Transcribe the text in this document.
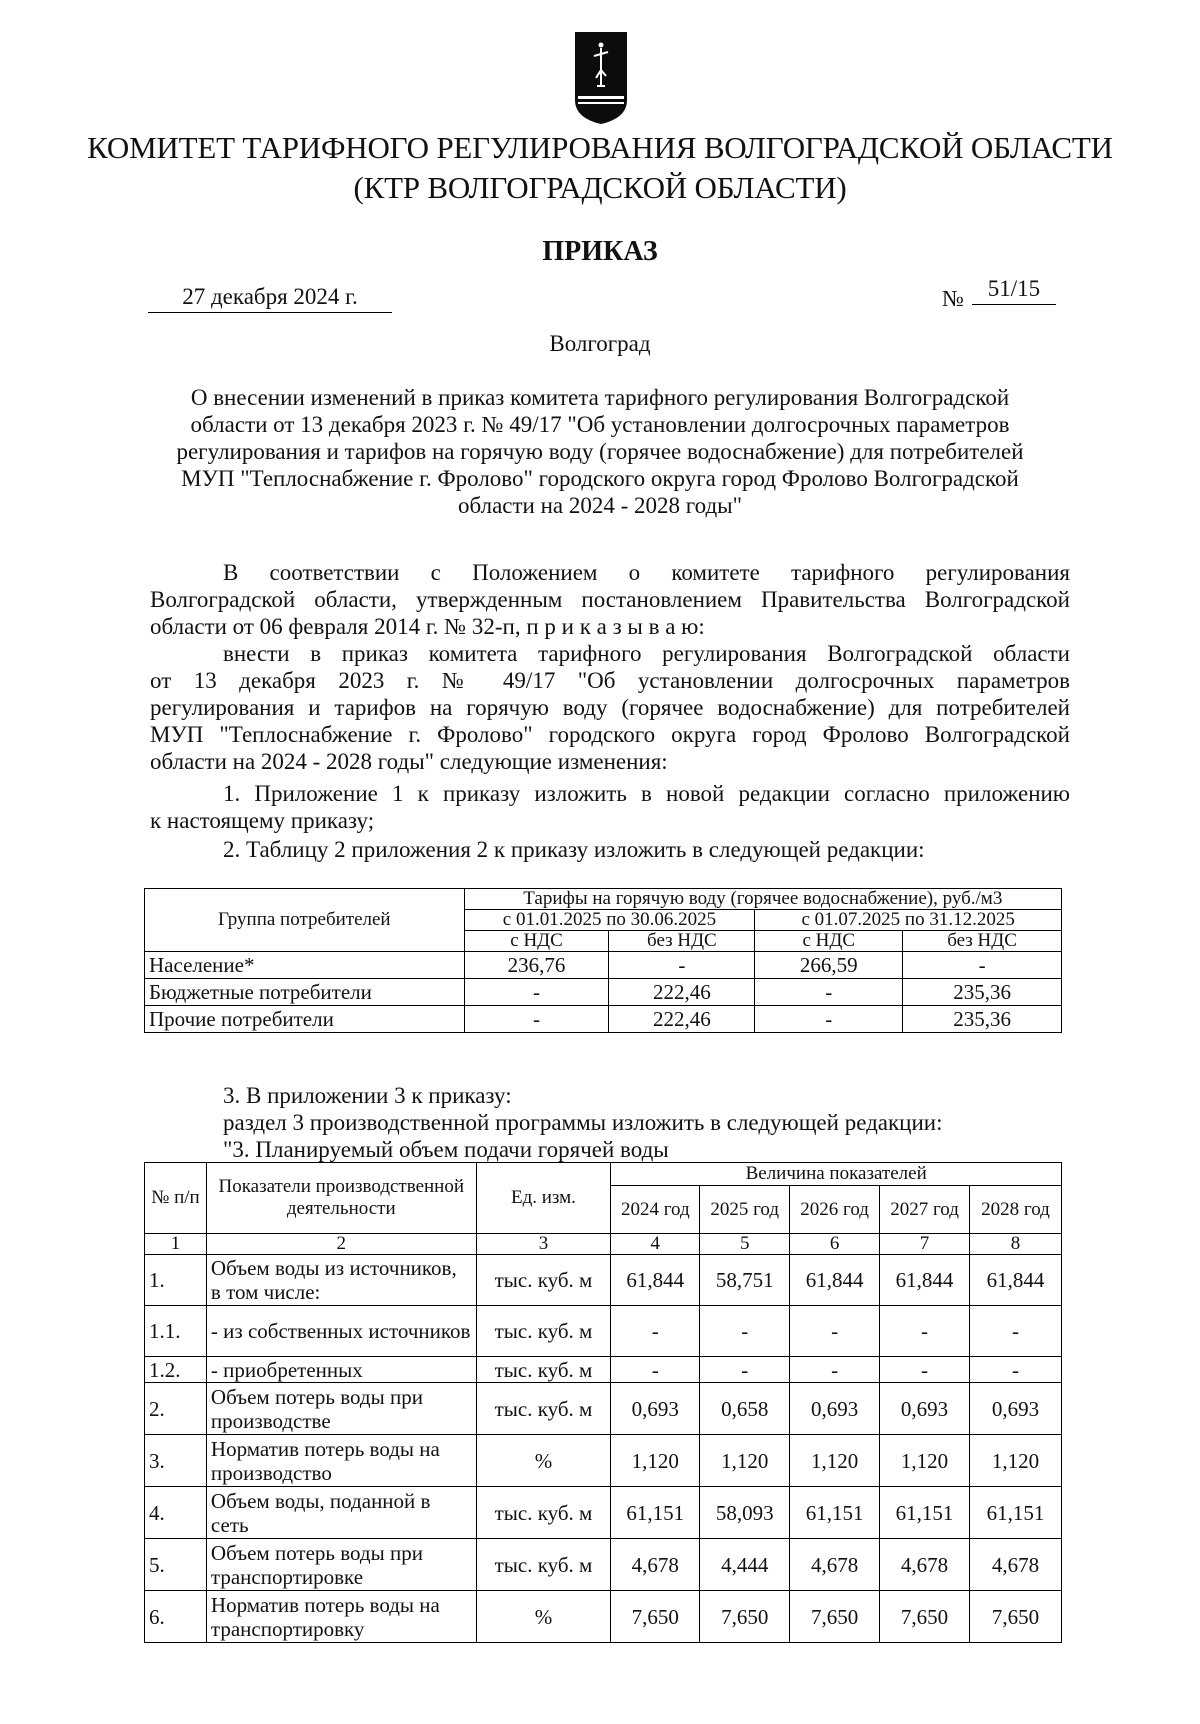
КОМИТЕТ ТАРИФНОГО РЕГУЛИРОВАНИЯ ВОЛГОГРАДСКОЙ ОБЛАСТИ
(КТР ВОЛГОГРАДСКОЙ ОБЛАСТИ)
ПРИКАЗ
27 декабря 2024 г.	№	51/15
Волгоград
О внесении изменений в приказ комитета тарифного регулирования Волгоградской
области от 13 декабря 2023 г. № 49/17 "Об установлении долгосрочных параметров
регулирования и тарифов на горячую воду (горячее водоснабжение) для потребителей
МУП "Теплоснабжение г. Фролово" городского округа город Фролово Волгоградской
области на 2024 - 2028 годы"
В соответствии с Положением о комитете тарифного регулирования
Волгоградской области, утвержденным постановлением Правительства Волгоградской
области от 06 февраля 2014 г. № 32-п, п р и к а з ы в а ю:
внести в приказ комитета тарифного регулирования Волгоградской области
от 13 декабря 2023 г. № 49/17 "Об установлении долгосрочных параметров
регулирования и тарифов на горячую воду (горячее водоснабжение) для потребителей
МУП "Теплоснабжение г. Фролово" городского округа город Фролово Волгоградской
области на 2024 - 2028 годы" следующие изменения:
1. Приложение 1 к приказу изложить в новой редакции согласно приложению
к настоящему приказу;
2. Таблицу 2 приложения 2 к приказу изложить в следующей редакции:
Группа потребителей	Тарифы на горячую воду (горячее водоснабжение), руб./м3			
	с 01.01.2025 по 30.06.2025		с 01.07.2025 по 31.12.2025	
	с НДС	без НДС	с НДС	без НДС
Население*	236,76	-	266,59	-
Бюджетные потребители	-	222,46	-	235,36
Прочие потребители	-	222,46	-	235,36
3. В приложении 3 к приказу:
раздел 3 производственной программы изложить в следующей редакции:
"3. Планируемый объем подачи горячей воды
№ п/п	Показатели производственной деятельности	Ед. изм.	Величина показателей				
			2024 год	2025 год	2026 год	2027 год	2028 год
1	2	3	4	5	6	7	8
1.	Объем воды из источников, в том числе:	тыс. куб. м	61,844	58,751	61,844	61,844	61,844
1.1.	- из собственных источников	тыс. куб. м	-	-	-	-	-
1.2.	- приобретенных	тыс. куб. м	-	-	-	-	-
2.	Объем потерь воды при производстве	тыс. куб. м	0,693	0,658	0,693	0,693	0,693
3.	Норматив потерь воды на производство	%	1,120	1,120	1,120	1,120	1,120
4.	Объем воды, поданной в сеть	тыс. куб. м	61,151	58,093	61,151	61,151	61,151
5.	Объем потерь воды при транспортировке	тыс. куб. м	4,678	4,444	4,678	4,678	4,678
6.	Норматив потерь воды на транспортировку	%	7,650	7,650	7,650	7,650	7,650
